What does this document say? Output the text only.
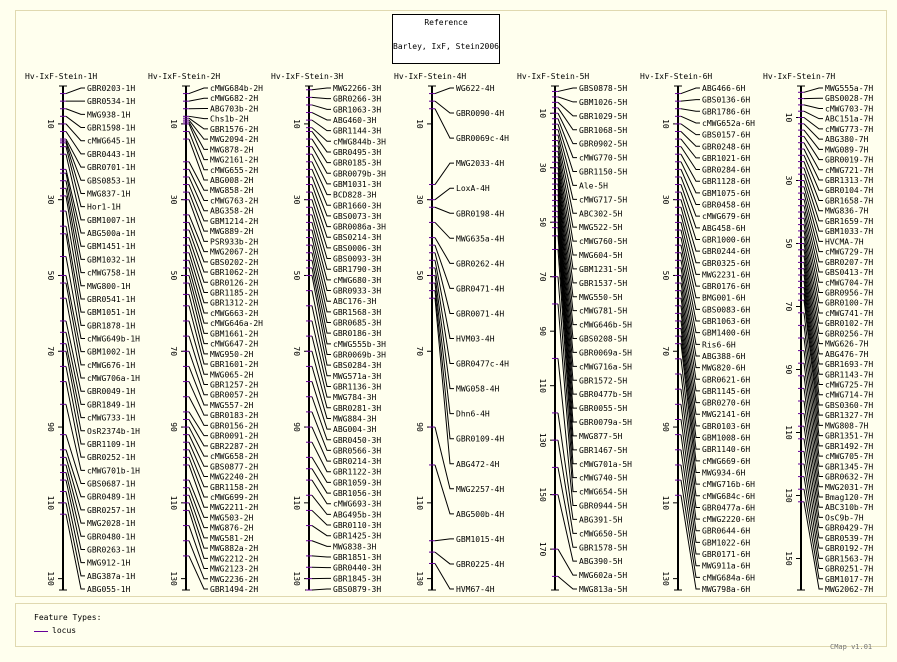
Reference
Barley, IxF, Stein2006
Hv-IxF-Stein-1H
10
30
50
70
90
110
130
GBR0203-1H
GBR0534-1H
MWG938-1H
GBR1598-1H
cMWG645-1H
GBR0443-1H
GBR0701-1H
GBS0853-1H
MWG837-1H
Hor1-1H
GBM1007-1H
ABG500a-1H
GBM1451-1H
GBM1032-1H
cMWG758-1H
MWG800-1H
GBR0541-1H
GBM1051-1H
GBR1878-1H
cMWG649b-1H
GBM1002-1H
cMWG676-1H
cMWG706a-1H
GBR0049-1H
GBR1849-1H
cMWG733-1H
OsR2374b-1H
GBR1109-1H
GBR0252-1H
cMWG701b-1H
GBS0687-1H
GBR0489-1H
GBR0257-1H
MWG2028-1H
GBR0480-1H
GBR0263-1H
MWG912-1H
ABG387a-1H
ABG055-1H
Hv-IxF-Stein-2H
10
30
50
70
90
110
130
cMWG684b-2H
cMWG682-2H
ABG703b-2H
Chs1b-2H
GBR1576-2H
MWG2094-2H
MWG878-2H
MWG2161-2H
cMWG655-2H
ABG008-2H
MWG858-2H
cMWG763-2H
ABG358-2H
GBM1214-2H
MWG889-2H
PSR933b-2H
MWG2067-2H
GBS0202-2H
GBR1062-2H
GBR0126-2H
GBR1185-2H
GBR1312-2H
cMWG663-2H
cMWG646a-2H
GBM1661-2H
cMWG647-2H
MWG950-2H
GBR1601-2H
MWG065-2H
GBR1257-2H
GBR0057-2H
MWG557-2H
GBR0183-2H
GBR0156-2H
GBR0091-2H
GBR2287-2H
cMWG658-2H
GBS0877-2H
MWG2240-2H
GBR1158-2H
cMWG699-2H
MWG2211-2H
MWG503-2H
MWG876-2H
MWG581-2H
MWG882a-2H
MWG2212-2H
MWG2123-2H
MWG2236-2H
GBR1494-2H
Hv-IxF-Stein-3H
10
30
50
70
90
110
130
MWG2266-3H
GBR0266-3H
GBR1063-3H
ABG460-3H
GBR1144-3H
cMWG844b-3H
GBR0495-3H
GBR0185-3H
GBR0079b-3H
GBM1031-3H
BCD828-3H
GBR1660-3H
GBS0073-3H
GBR0086a-3H
GBS0214-3H
GBS0006-3H
GBS0093-3H
GBR1790-3H
cMWG680-3H
GBR0933-3H
ABC176-3H
GBR1568-3H
GBR0685-3H
GBR0186-3H
cMWG555b-3H
GBR0069b-3H
GBS0284-3H
MWG571a-3H
GBR1136-3H
MWG784-3H
GBR0281-3H
MWG884-3H
ABG004-3H
GBR0450-3H
GBR0566-3H
GBR0214-3H
GBR1122-3H
GBR1059-3H
GBR1056-3H
cMWG693-3H
ABG495b-3H
GBR0110-3H
GBR1425-3H
MWG838-3H
GBR1851-3H
GBR0440-3H
GBR1845-3H
GBS0879-3H
Hv-IxF-Stein-4H
10
30
50
70
90
110
130
WG622-4H
GBR0090-4H
GBR0069c-4H
MWG2033-4H
LoxA-4H
GBR0198-4H
MWG635a-4H
GBR0262-4H
GBR0471-4H
GBR0071-4H
HVM03-4H
GBR0477c-4H
MWG058-4H
Dhn6-4H
GBR0109-4H
ABG472-4H
MWG2257-4H
ABG500b-4H
GBM1015-4H
GBR0225-4H
HVM67-4H
Hv-IxF-Stein-5H
10
30
50
70
90
110
130
150
170
GBS0878-5H
GBM1026-5H
GBR1029-5H
GBR1068-5H
GBR0902-5H
cMWG770-5H
GBR1150-5H
Ale-5H
cMWG717-5H
ABC302-5H
MWG522-5H
cMWG760-5H
MWG604-5H
GBM1231-5H
GBR1537-5H
MWG550-5H
cMWG781-5H
cMWG646b-5H
GBS0208-5H
GBR0069a-5H
cMWG716a-5H
GBR1572-5H
GBR0477b-5H
GBR0055-5H
GBR0079a-5H
MWG877-5H
GBR1467-5H
cMWG701a-5H
cMWG740-5H
cMWG654-5H
GBR0944-5H
ABG391-5H
cMWG650-5H
GBR1578-5H
ABG390-5H
MWG602a-5H
MWG813a-5H
Hv-IxF-Stein-6H
10
30
50
70
90
110
130
ABG466-6H
GBS0136-6H
GBR1786-6H
cMWG652a-6H
GBS0157-6H
GBR0248-6H
GBR1021-6H
GBR0284-6H
GBR1128-6H
GBM1075-6H
GBR0458-6H
cMWG679-6H
ABG458-6H
GBR1000-6H
GBR0244-6H
GBR0325-6H
MWG2231-6H
GBR0176-6H
BMG001-6H
GBS0083-6H
GBR1063-6H
GBM1400-6H
Ris6-6H
ABG388-6H
MWG820-6H
GBR0621-6H
GBR1145-6H
GBR0270-6H
MWG2141-6H
GBR0103-6H
GBM1008-6H
GBR1140-6H
cMWG669-6H
MWG934-6H
cMWG716b-6H
cMWG684c-6H
GBR0477a-6H
cMWG2220-6H
GBR0644-6H
GBM1022-6H
GBR0171-6H
MWG911a-6H
cMWG684a-6H
MWG798a-6H
Hv-IxF-Stein-7H
10
30
50
70
90
110
130
150
MWG555a-7H
GBS0028-7H
cMWG703-7H
ABC151a-7H
cMWG773-7H
ABG380-7H
MWG089-7H
GBR0019-7H
cMWG721-7H
GBR1313-7H
GBR0104-7H
GBR1658-7H
MWG836-7H
GBR1659-7H
GBM1033-7H
HVCMA-7H
cMWG729-7H
GBR0207-7H
GBS0413-7H
cMWG704-7H
GBR0956-7H
GBR0100-7H
cMWG741-7H
GBR0102-7H
GBR0256-7H
MWG626-7H
ABG476-7H
GBR1693-7H
GBR1143-7H
cMWG725-7H
cMWG714-7H
GBS0360-7H
GBR1327-7H
MWG808-7H
GBR1351-7H
GBR1492-7H
cMWG705-7H
GBR1345-7H
GBR0632-7H
MWG2031-7H
Bmag120-7H
ABC310b-7H
OsC9b-7H
GBR0429-7H
GBR0539-7H
GBR0192-7H
GBR1563-7H
GBR0251-7H
GBM1017-7H
MWG2062-7H
Feature Types:
locus
CMap v1.01
